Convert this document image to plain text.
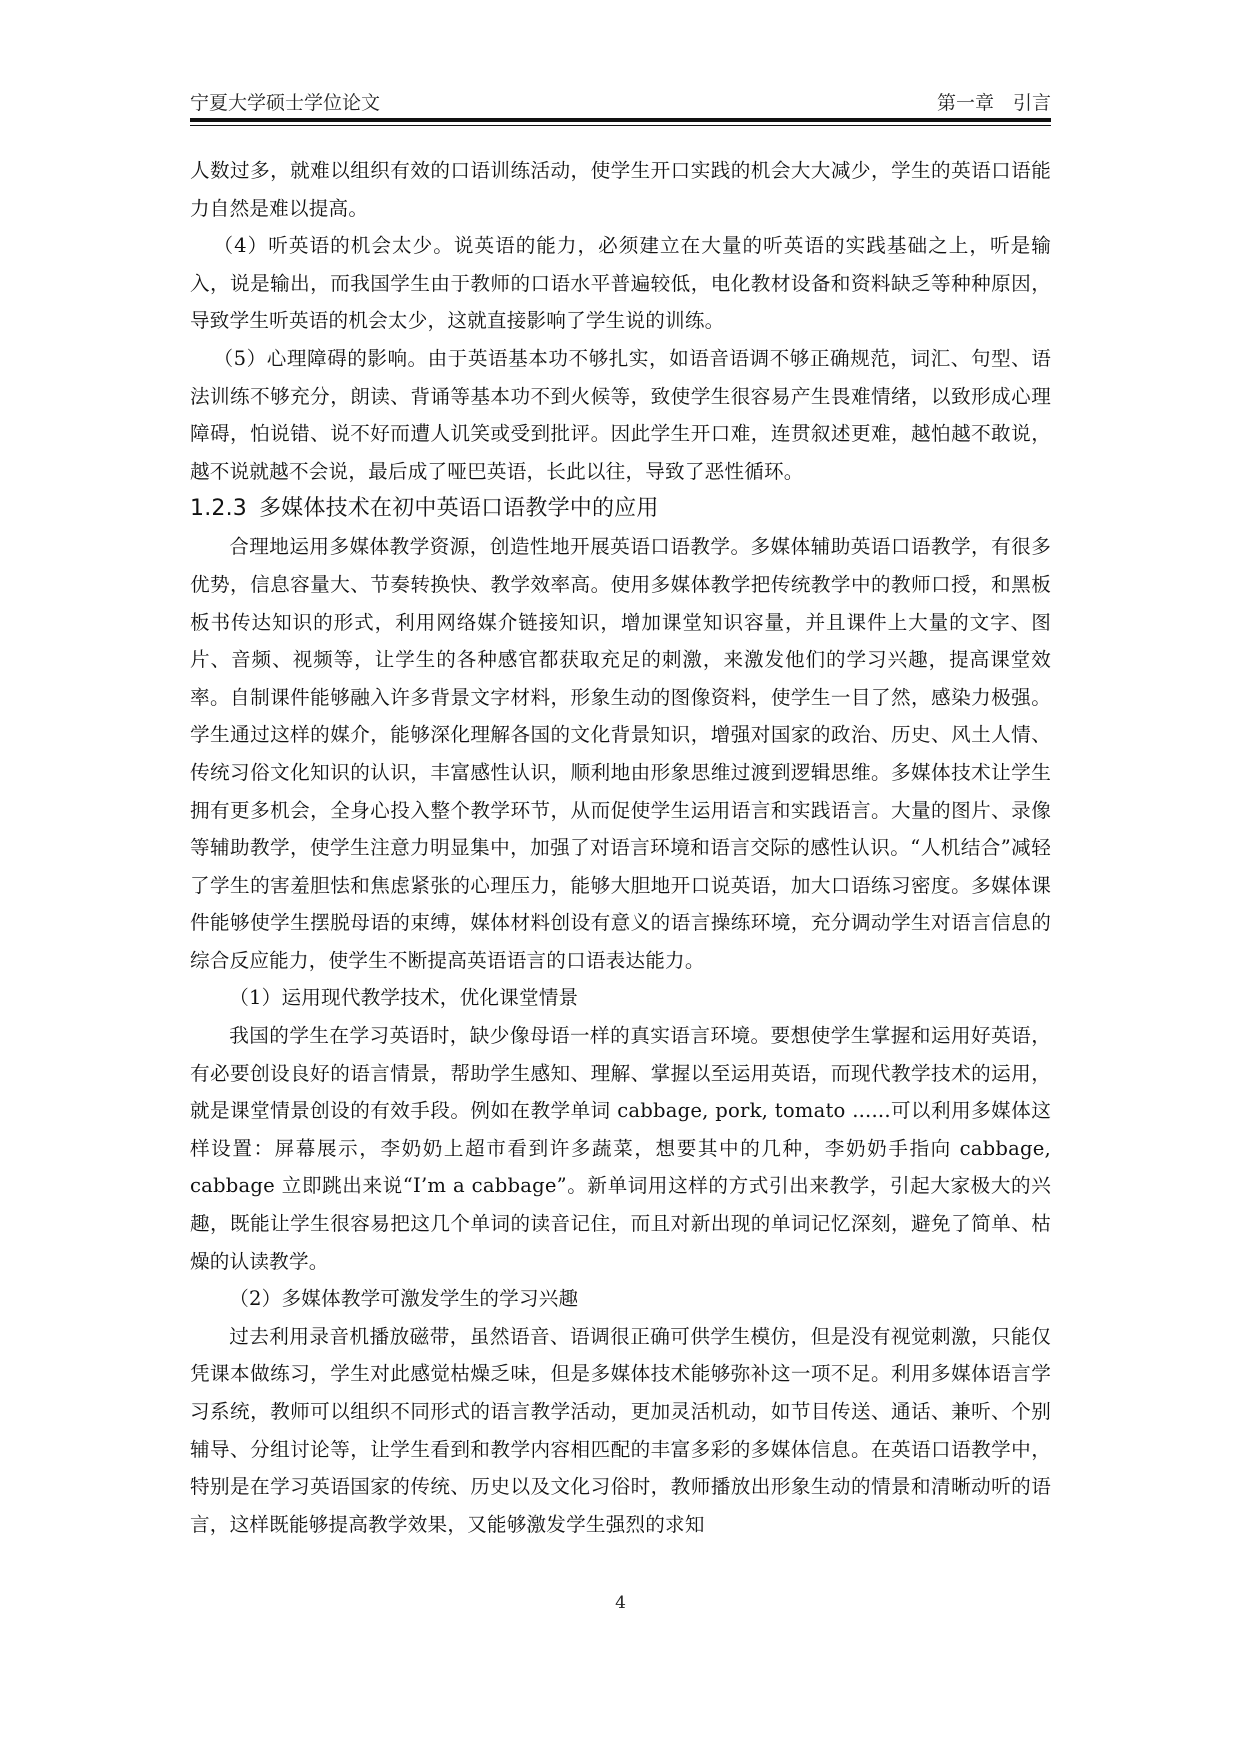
宁夏大学硕士学位论文	第一章　引言

人数过多，就难以组织有效的口语训练活动，使学生开口实践的机会大大减少，学生的英语口语能力自然是难以提高。

（4）听英语的机会太少。说英语的能力，必须建立在大量的听英语的实践基础之上，听是输入，说是输出，而我国学生由于教师的口语水平普遍较低，电化教材设备和资料缺乏等种种原因，导致学生听英语的机会太少，这就直接影响了学生说的训练。

（5）心理障碍的影响。由于英语基本功不够扎实，如语音语调不够正确规范，词汇、句型、语法训练不够充分，朗读、背诵等基本功不到火候等，致使学生很容易产生畏难情绪，以致形成心理障碍，怕说错、说不好而遭人讥笑或受到批评。因此学生开口难，连贯叙述更难，越怕越不敢说，越不说就越不会说，最后成了哑巴英语，长此以往，导致了恶性循环。

1.2.3 多媒体技术在初中英语口语教学中的应用

合理地运用多媒体教学资源，创造性地开展英语口语教学。多媒体辅助英语口语教学，有很多优势，信息容量大、节奏转换快、教学效率高。使用多媒体教学把传统教学中的教师口授，和黑板板书传达知识的形式，利用网络媒介链接知识，增加课堂知识容量，并且课件上大量的文字、图片、音频、视频等，让学生的各种感官都获取充足的刺激，来激发他们的学习兴趣，提高课堂效率。自制课件能够融入许多背景文字材料，形象生动的图像资料，使学生一目了然，感染力极强。学生通过这样的媒介，能够深化理解各国的文化背景知识，增强对国家的政治、历史、风土人情、传统习俗文化知识的认识，丰富感性认识，顺利地由形象思维过渡到逻辑思维。多媒体技术让学生拥有更多机会，全身心投入整个教学环节，从而促使学生运用语言和实践语言。大量的图片、录像等辅助教学，使学生注意力明显集中，加强了对语言环境和语言交际的感性认识。“人机结合”减轻了学生的害羞胆怯和焦虑紧张的心理压力，能够大胆地开口说英语，加大口语练习密度。多媒体课件能够使学生摆脱母语的束缚，媒体材料创设有意义的语言操练环境，充分调动学生对语言信息的综合反应能力，使学生不断提高英语语言的口语表达能力。

（1）运用现代教学技术，优化课堂情景

我国的学生在学习英语时，缺少像母语一样的真实语言环境。要想使学生掌握和运用好英语，有必要创设良好的语言情景，帮助学生感知、理解、掌握以至运用英语，而现代教学技术的运用，就是课堂情景创设的有效手段。例如在教学单词 cabbage, pork, tomato ......可以利用多媒体这样设置：屏幕展示，李奶奶上超市看到许多蔬菜，想要其中的几种，李奶奶手指向 cabbage, cabbage 立即跳出来说“I’m a cabbage”。新单词用这样的方式引出来教学，引起大家极大的兴趣，既能让学生很容易把这几个单词的读音记住，而且对新出现的单词记忆深刻，避免了简单、枯燥的认读教学。

（2）多媒体教学可激发学生的学习兴趣

过去利用录音机播放磁带，虽然语音、语调很正确可供学生模仿，但是没有视觉刺激，只能仅凭课本做练习，学生对此感觉枯燥乏味，但是多媒体技术能够弥补这一项不足。利用多媒体语言学习系统，教师可以组织不同形式的语言教学活动，更加灵活机动，如节目传送、通话、兼听、个别辅导、分组讨论等，让学生看到和教学内容相匹配的丰富多彩的多媒体信息。在英语口语教学中，特别是在学习英语国家的传统、历史以及文化习俗时，教师播放出形象生动的情景和清晰动听的语言，这样既能够提高教学效果，又能够激发学生强烈的求知

4
